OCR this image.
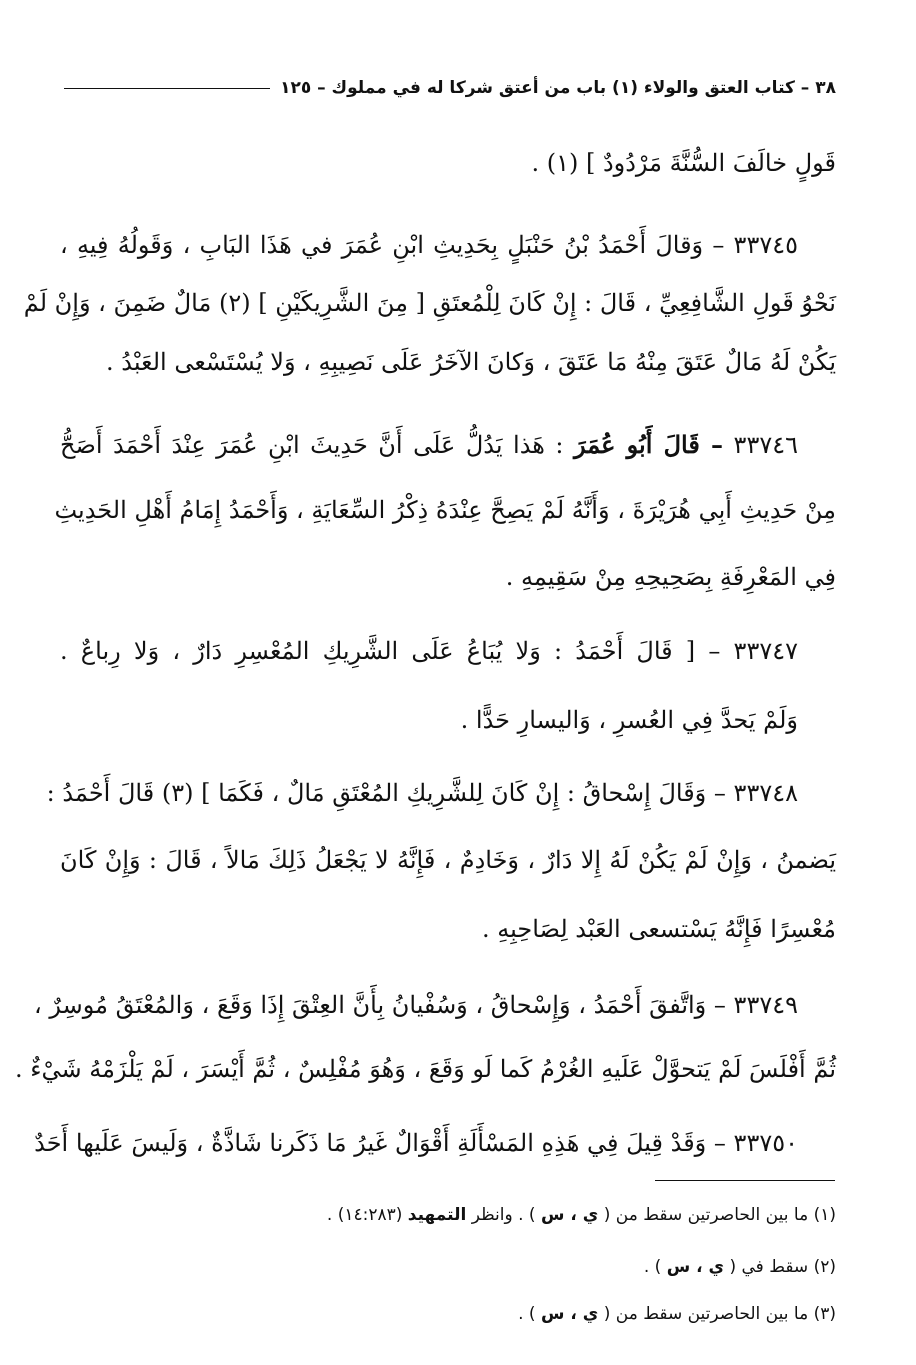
٣٨ – كتاب العتق والولاء (١) باب من أعتق شركا له في مملوك – ١٢٥
قَولٍ خالَفَ السُّنَّةَ مَرْدُودٌ ] (١) .
٣٣٧٤٥ – وَقالَ أَحْمَدُ بْنُ حَنْبَلٍ بِحَدِيثِ ابْنِ عُمَرَ في هَذَا البَابِ ، وَقَولُهُ فِيهِ ،
نَحْوُ قَولِ الشَّافِعِيِّ ، قَالَ : إِنْ كَانَ لِلْمُعتَقِ [ مِنَ الشَّرِيكَيْنِ ] (٢) مَالٌ ضَمِنَ ، وَإِنْ لَمْ
يَكُنْ لَهُ مَالٌ عَتَقَ مِنْهُ مَا عَتَقَ ، وَكانَ الآخَرُ عَلَى نَصِيبِهِ ، وَلا يُسْتَسْعى العَبْدُ .
٣٣٧٤٦ – قَالَ أَبُو عُمَرَ : هَذا يَدُلُّ عَلَى أَنَّ حَدِيثَ ابْنِ عُمَرَ عِنْدَ أَحْمَدَ أَصَحُّ
مِنْ حَدِيثِ أَبِي هُرَيْرَةَ ، وَأَنَّهُ لَمْ يَصِحَّ عِنْدَهُ ذِكْرُ السِّعَايَةِ ، وَأَحْمَدُ إِمَامُ أَهْلِ الحَدِيثِ
فِي المَعْرِفَةِ بِصَحِيحِهِ مِنْ سَقِيمِهِ .
٣٣٧٤٧ – [ قَالَ أَحْمَدُ : وَلا يُبَاعُ عَلَى الشَّرِيكِ المُعْسِرِ دَارٌ ، وَلا رِباعٌ .
وَلَمْ يَحدَّ فِي العُسرِ ، وَاليسارِ حَدًّا .
٣٣٧٤٨ – وَقَالَ إِسْحاقُ : إِنْ كَانَ لِلشَّرِيكِ المُعْتَقِ مَالٌ ، فَكَمَا ] (٣) قَالَ أَحْمَدُ :
يَضمنُ ، وَإِنْ لَمْ يَكُنْ لَهُ إِلا دَارٌ ، وَخَادِمٌ ، فَإِنَّهُ لا يَجْعَلُ ذَلِكَ مَالاً ، قَالَ : وَإِنْ كَانَ
مُعْسِرًا فَإِنَّهُ يَسْتسعى العَبْد لِصَاحِبِهِ .
٣٣٧٤٩ – وَاتَّفقَ أَحْمَدُ ، وَإِسْحاقُ ، وَسُفْيانُ بِأَنَّ العِتْقَ إِذَا وَقَعَ ، وَالمُعْتَقُ مُوسِرٌ ،
ثُمَّ أَفْلَسَ لَمْ يَتحوَّلْ عَلَيهِ الغُرْمُ كَما لَو وَقَعَ ، وَهُوَ مُفْلِسٌ ، ثُمَّ أَيْسَرَ ، لَمْ يَلْزَمْهُ شَيْءٌ .
٣٣٧٥٠ – وَقَدْ قِيلَ فِي هَذِهِ المَسْأَلَةِ أَقْوَالٌ غَيرُ مَا ذَكَرنا شَاذَّةٌ ، وَلَيسَ عَلَيها أَحَدٌ
(١) ما بين الحاصرتين سقط من ( ي ، س ) . وانظر التمهيد (١٤:٢٨٣) .
(٢) سقط في ( ي ، س ) .
(٣) ما بين الحاصرتين سقط من ( ي ، س ) .
